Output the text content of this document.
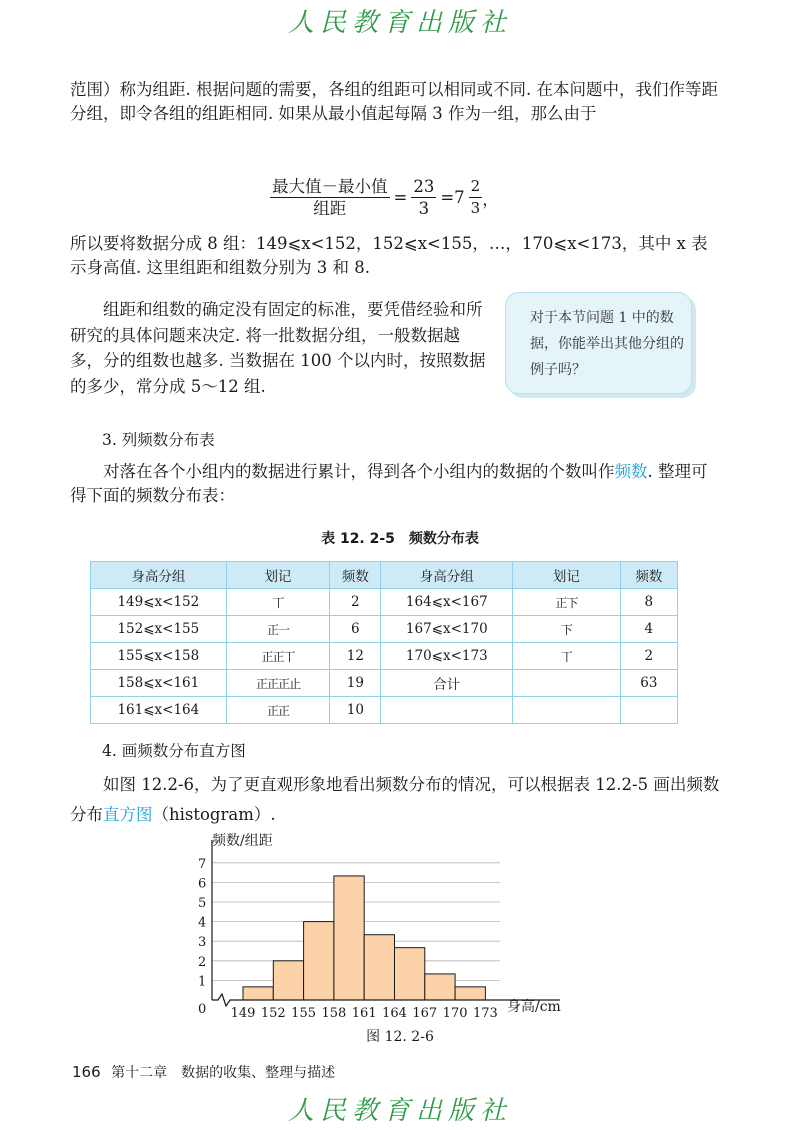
人民教育出版社
范围）称为组距. 根据问题的需要，各组的组距可以相同或不同. 在本问题中，我们作等距分组，即令各组的组距相同. 如果从最小值起每隔 3 作为一组，那么由于
$\frac{\text{最大值－最小值}}{\text{组距}} = \frac{23}{3} =7 \frac{2}{3}$ ，
所以要将数据分成 8 组：149⩽x<152，152⩽x<155，…，170⩽x<173，其中 x 表示身高值. 这里组距和组数分别为 3 和 8.
组距和组数的确定没有固定的标准，要凭借经验和所研究的具体问题来决定. 将一批数据分组，一般数据越多，分的组数也越多. 当数据在 100 个以内时，按照数据的多少，常分成 5～12 组.
对于本节问题 1 中的数据，你能举出其他分组的例子吗？
3. 列频数分布表
对落在各个小组内的数据进行累计，得到各个小组内的数据的个数叫作频数. 整理可得下面的频数分布表：
表 12. 2-5　频数分布表
身高分组	划记	频数	身高分组	划记	频数
149⩽x<152	丅	2	164⩽x<167	正下	8
152⩽x<155	正一	6	167⩽x<170	下	4
155⩽x<158	正正丅	12	170⩽x<173	丅	2
158⩽x<161	正正正止	19	合计		63
161⩽x<164	正正	10			
4. 画频数分布直方图
如图 12.2-6，为了更直观形象地看出频数分布的情况，可以根据表 12.2-5 画出频数分布直方图（histogram）.
1
2
3
4
5
6
7
149 152 155 158 161 164 167 170 173
频数/组距
0	身高/cm
图 12. 2-6
166 第十二章　数据的收集、整理与描述
人民教育出版社
